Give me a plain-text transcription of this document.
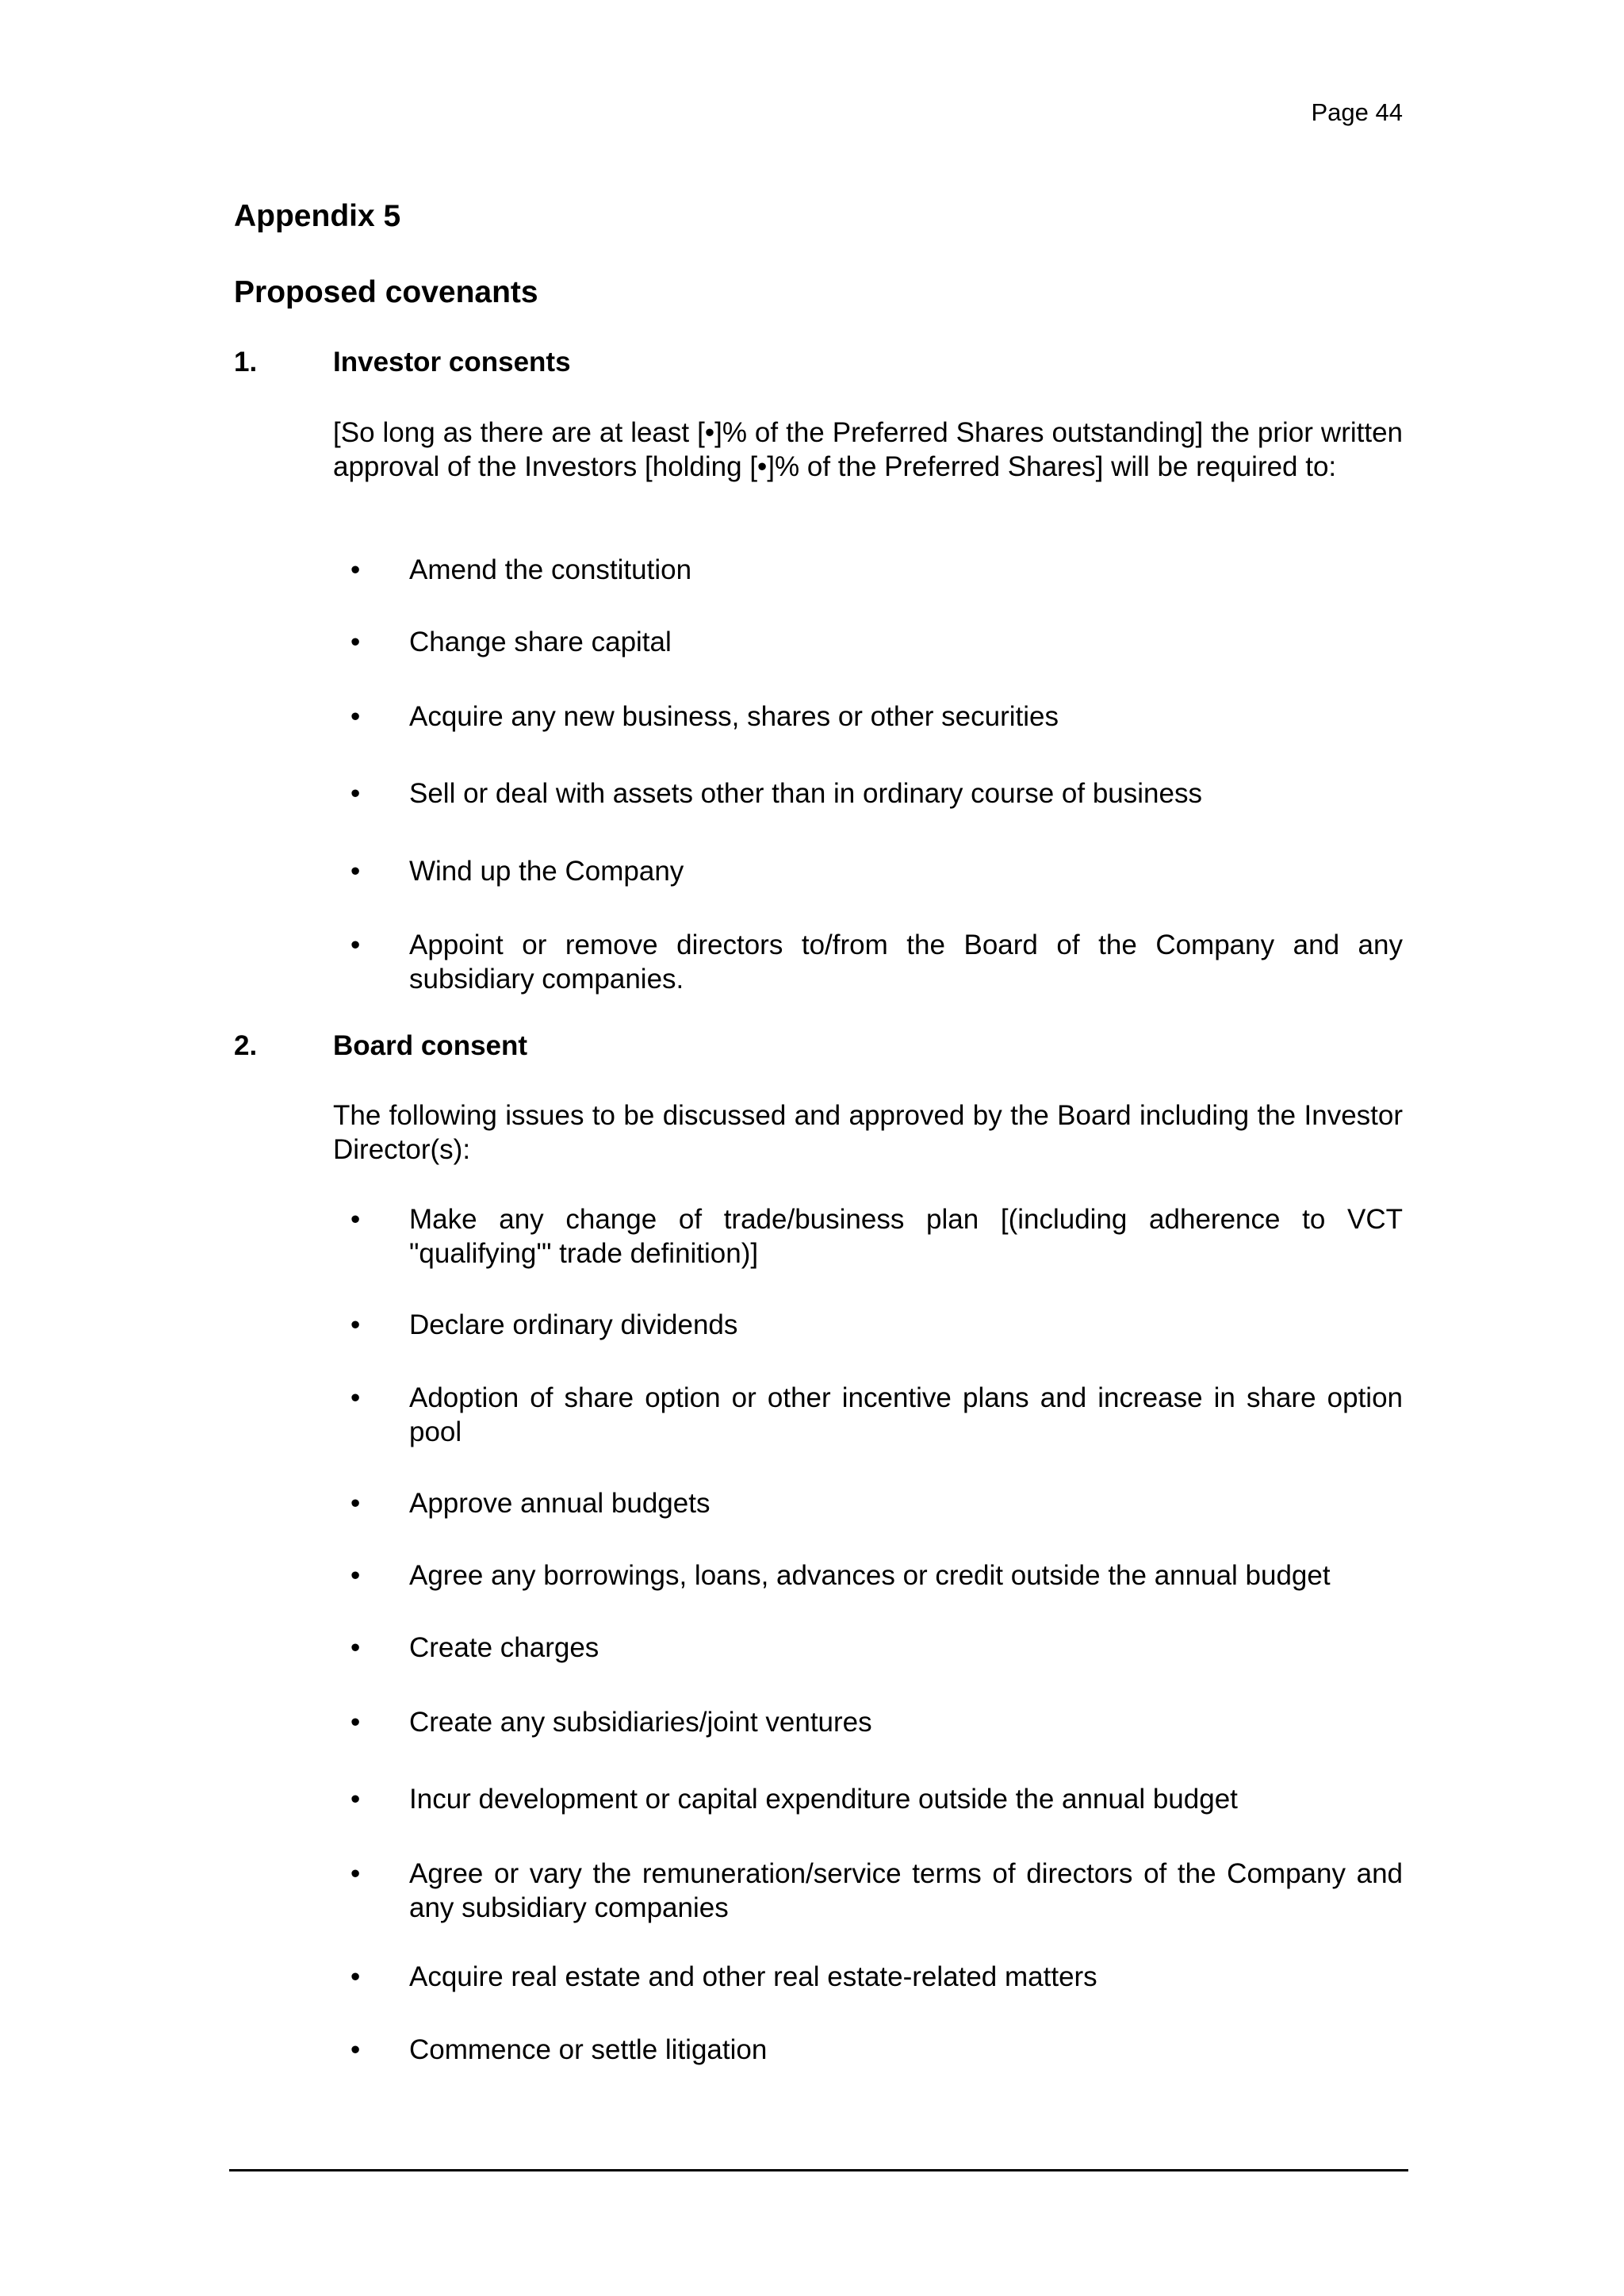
Page 44
Appendix 5
Proposed covenants
1.	Investor consents
[So long as there are at least [•]% of the Preferred Shares outstanding] the prior written approval of the Investors [holding [•]% of the Preferred Shares] will be required to:
•	Amend the constitution
•	Change share capital
•	Acquire any new business, shares or other securities
•	Sell or deal with assets other than in ordinary course of business
•	Wind up the Company
•	Appoint or remove directors to/from the Board of the Company and any subsidiary companies.
2.	Board consent
The following issues to be discussed and approved by the Board including the Investor Director(s):
•	Make any change of trade/business plan [(including adherence to VCT "qualifying'" trade definition)]
•	Declare ordinary dividends
•	Adoption of share option or other incentive plans and increase in share option pool
•	Approve annual budgets
•	Agree any borrowings, loans, advances or credit outside the annual budget
•	Create charges
•	Create any subsidiaries/joint ventures
•	Incur development or capital expenditure outside the annual budget
•	Agree or vary the remuneration/service terms of directors of the Company and any subsidiary companies
•	Acquire real estate and other real estate-related matters
•	Commence or settle litigation
